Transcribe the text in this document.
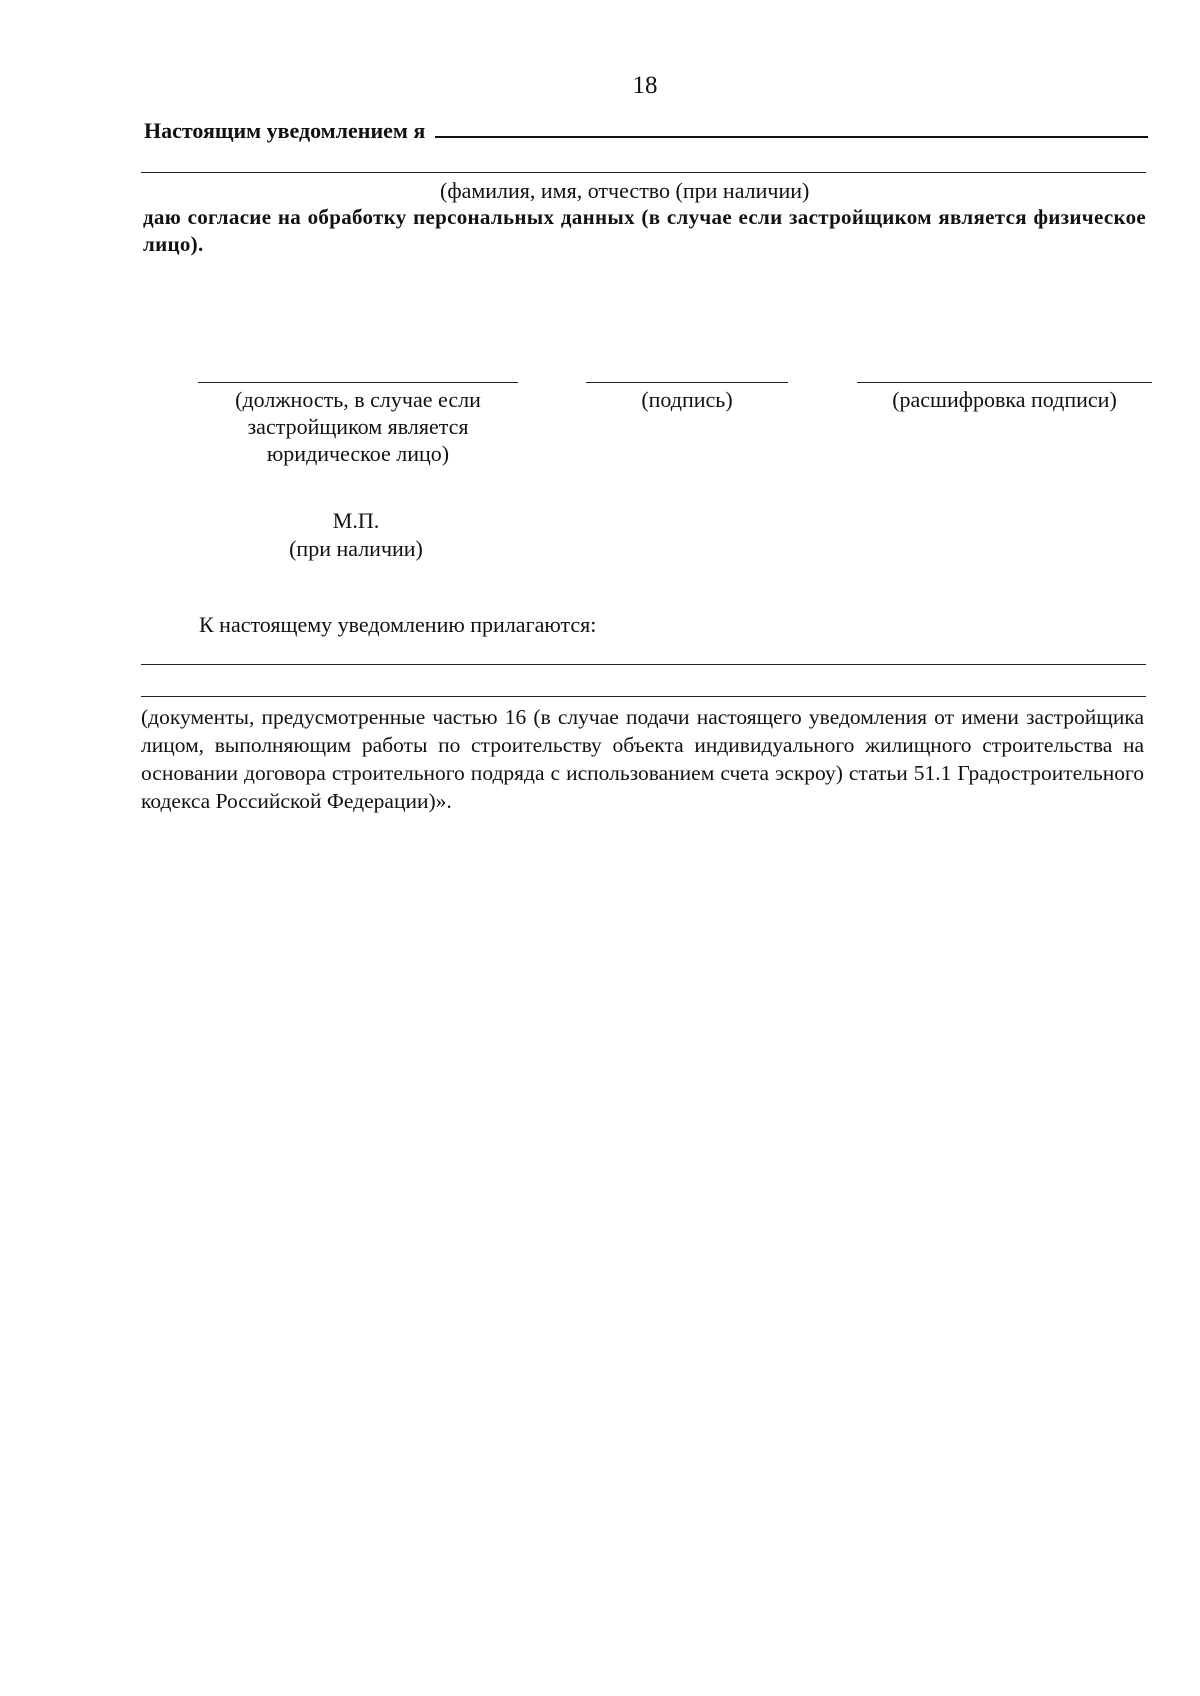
18
Настоящим уведомлением я
(фамилия, имя, отчество (при наличии)
даю согласие на обработку персональных данных (в случае если застройщиком является физическое лицо).
(должность, в случае если
застройщиком является
юридическое лицо)
(подпись)	(расшифровка подписи)
М.П.
(при наличии)
К настоящему уведомлению прилагаются:
(документы, предусмотренные частью 16 (в случае подачи настоящего уведомления от имени застройщика лицом, выполняющим работы по строительству объекта индивидуального жилищного строительства на основании договора строительного подряда с использованием счета эскроу) статьи 51.1 Градостроительного кодекса Российской Федерации)».
